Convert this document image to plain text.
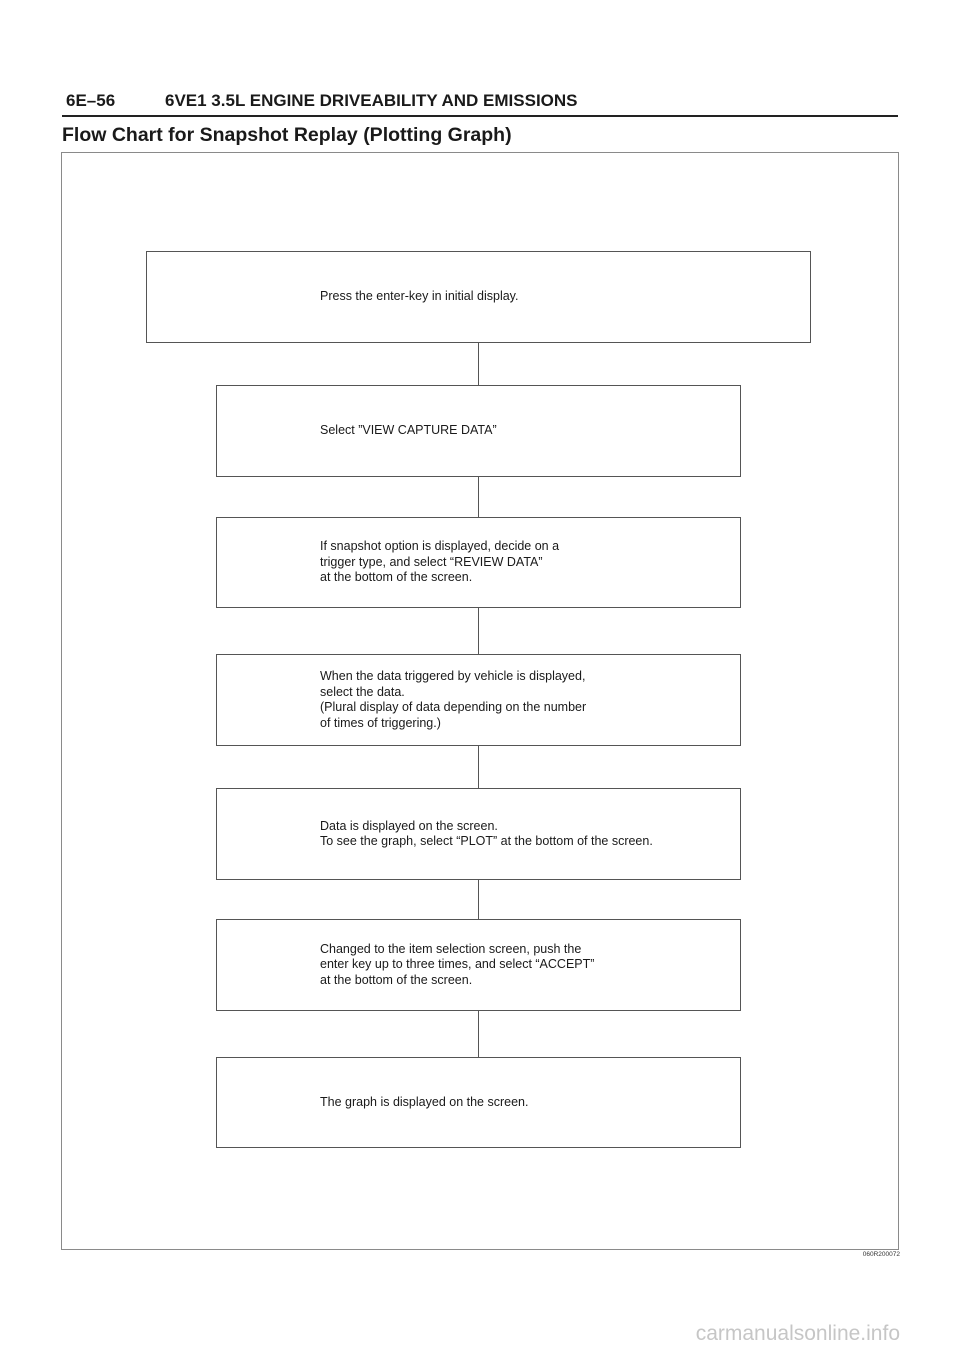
6E–56	6VE1 3.5L ENGINE DRIVEABILITY AND EMISSIONS
Flow Chart for Snapshot Replay (Plotting Graph)
Press the enter-key in initial display.
Select ”VIEW CAPTURE DATA”
If snapshot option is displayed, decide on a
trigger type, and select “REVIEW DATA”
at the bottom of the screen.
When the data triggered by vehicle is displayed,
select the data.
(Plural display of data depending on the number
of times of triggering.)
Data is displayed on the screen.
To see the graph, select “PLOT” at the bottom of the screen.
Changed to the item selection screen, push the
enter key up to three times, and select “ACCEPT”
at the bottom of the screen.
The graph is displayed on the screen.
060R200072
carmanualsonline.info
